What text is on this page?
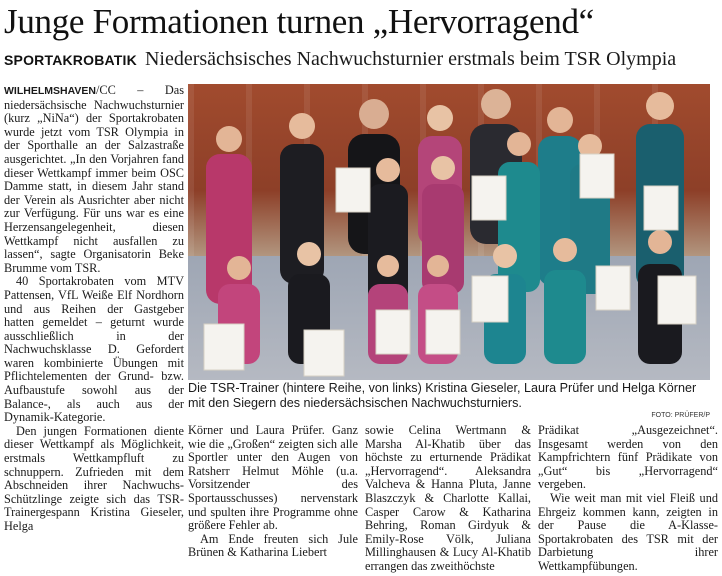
Junge Formationen turnen „Hervorragend“
SPORTAKROBATIK Niedersächsisches Nachwuchsturnier erstmals beim TSR Olympia

WILHELMSHAVEN/CC – Das niedersächsische Nachwuchsturnier (kurz „NiNa“) der Sportakrobaten wurde jetzt vom TSR Olympia in der Sporthalle an der Salzastraße ausgerichtet. „In den Vorjahren fand dieser Wettkampf immer beim OSC Damme statt, in diesem Jahr stand der Verein als Ausrichter aber nicht zur Verfügung. Für uns war es eine Herzensangelegenheit, diesen Wettkampf nicht ausfallen zu lassen“, sagte Organisatorin Beke Brumme vom TSR.

40 Sportakrobaten vom MTV Pattensen, VfL Weiße Elf Nordhorn und aus Reihen der Gastgeber hatten gemeldet – geturnt wurde ausschließlich in der Nachwuchsklasse D. Gefordert waren kombinierte Übungen mit Pflichtelementen der Grund- bzw. Aufbaustufe sowohl aus der Balance-, als auch aus der Dynamik-Kategorie.

Den jungen Formationen diente dieser Wettkampf als Möglichkeit, erstmals Wettkampfluft zu schnuppern. Zufrieden mit dem Abschneiden ihrer Nachwuchs-Schützlinge zeigte sich das TSR-Trainergespann Kristina Gieseler, Helga

Die TSR-Trainer (hintere Reihe, von links) Kristina Gieseler, Laura Prüfer und Helga Körner mit den Siegern des niedersächsischen Nachwuchsturniers.
FOTO: PRÜFER/P

Körner und Laura Prüfer. Ganz wie die „Großen“ zeigten sich alle Sportler unter den Augen von Ratsherr Helmut Möhle (u.a. Vorsitzender des Sportausschusses) nervenstark und spulten ihre Programme ohne größere Fehler ab.

Am Ende freuten sich Jule Brünen & Katharina Liebert

sowie Celina Wertmann & Marsha Al-Khatib über das höchste zu erturnende Prädikat „Hervorragend“. Aleksandra Valcheva & Hanna Pluta, Janne Blaszczyk & Charlotte Kallai, Casper Carow & Katharina Behring, Roman Girdyuk & Emily-Rose Völk, Juliana Millinghausen & Lucy Al-Khatib errangen das zweithöchste

Prädikat „Ausgezeichnet“. Insgesamt werden von den Kampfrichtern fünf Prädikate von „Gut“ bis „Hervorragend“ vergeben.

Wie weit man mit viel Fleiß und Ehrgeiz kommen kann, zeigten in der Pause die A-Klasse-Sportakrobaten des TSR mit der Darbietung ihrer Wettkampfübungen.
